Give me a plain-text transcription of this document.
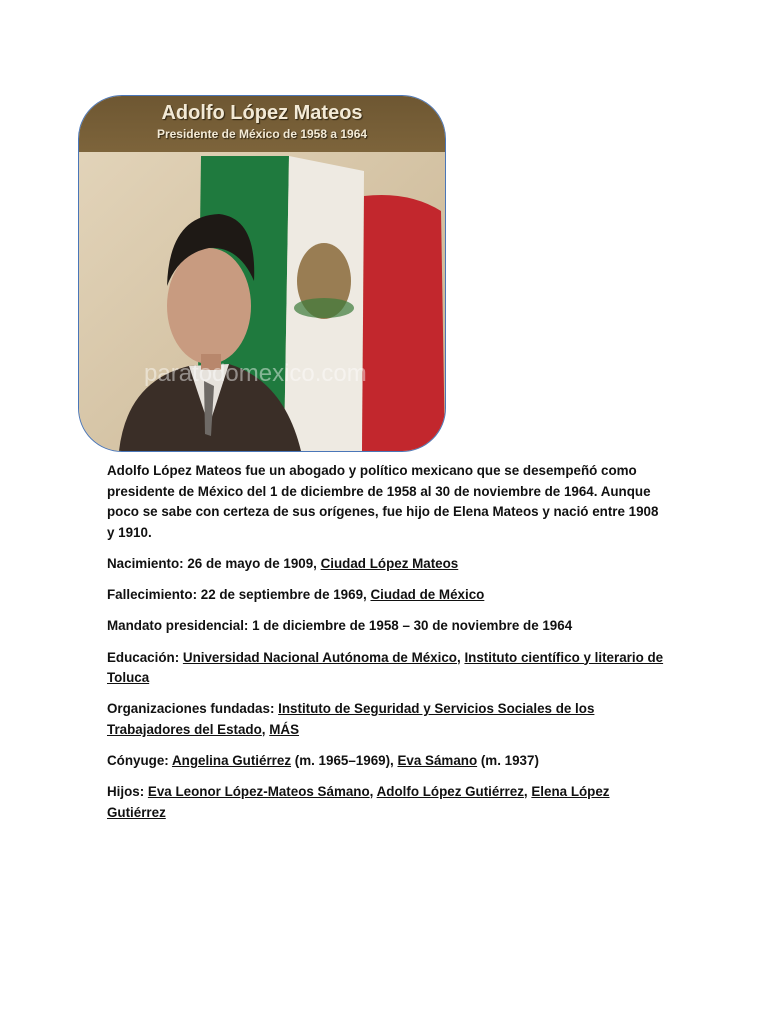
Adolfo López Mateos
Presidente de México de 1958 a 1964
paratodomexico.com

Adolfo López Mateos fue un abogado y político mexicano que se desempeñó como presidente de México del 1 de diciembre de 1958 al 30 de noviembre de 1964. Aunque poco se sabe con certeza de sus orígenes, fue hijo de Elena Mateos y nació entre 1908 y 1910.

Nacimiento: 26 de mayo de 1909, Ciudad López Mateos

Fallecimiento: 22 de septiembre de 1969, Ciudad de México

Mandato presidencial: 1 de diciembre de 1958 – 30 de noviembre de 1964

Educación: Universidad Nacional Autónoma de México, Instituto científico y literario de Toluca

Organizaciones fundadas: Instituto de Seguridad y Servicios Sociales de los Trabajadores del Estado, MÁS

Cónyuge: Angelina Gutiérrez (m. 1965–1969), Eva Sámano (m. 1937)

Hijos: Eva Leonor López-Mateos Sámano, Adolfo López Gutiérrez, Elena López Gutiérrez
